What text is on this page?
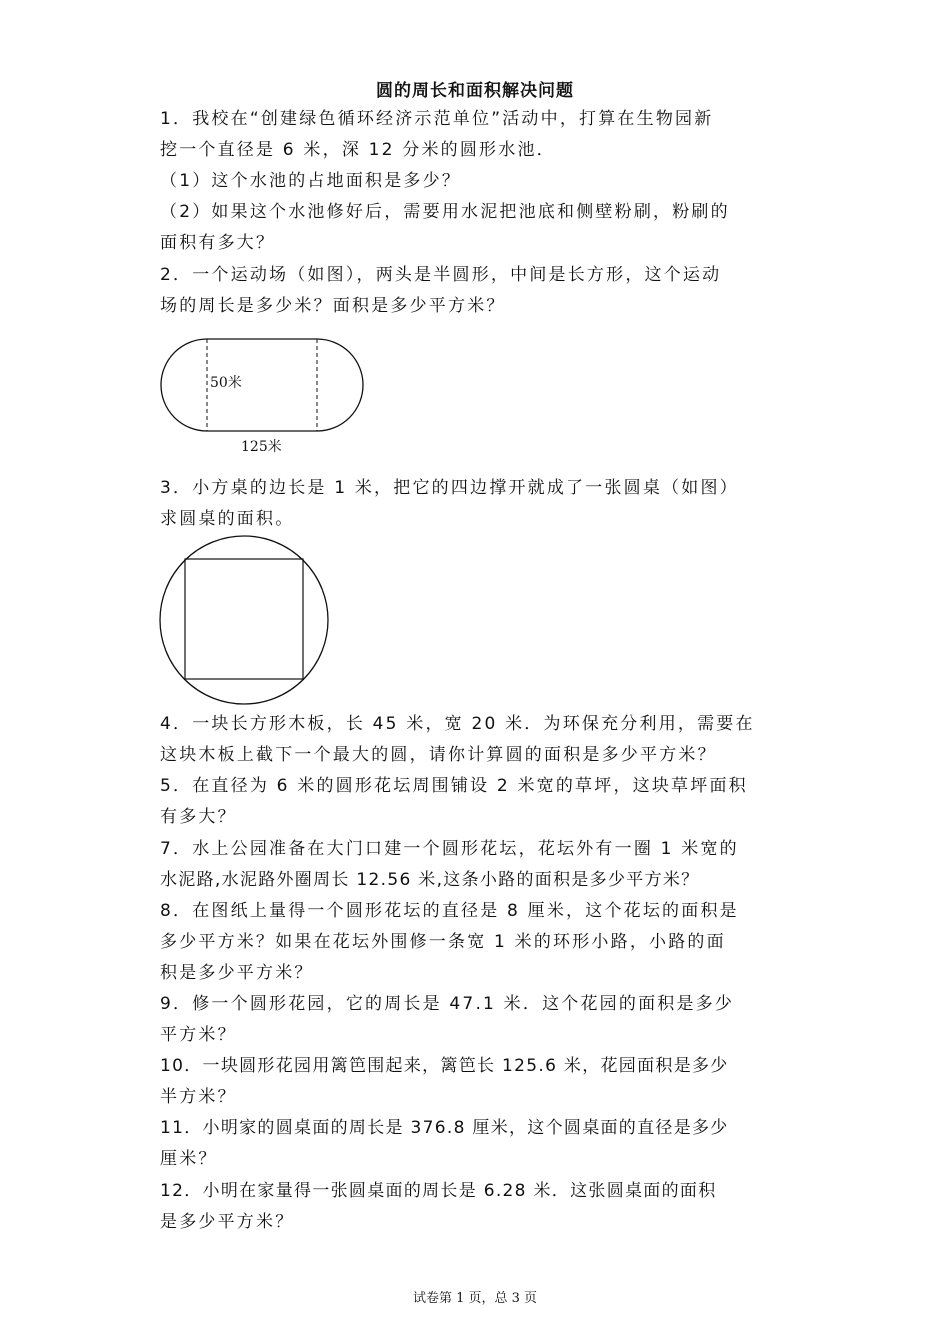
圆的周长和面积解决问题
1．我校在“创建绿色循环经济示范单位”活动中，打算在生物园新
挖一个直径是 6 米，深 12 分米的圆形水池．
（1）这个水池的占地面积是多少？
（2）如果这个水池修好后，需要用水泥把池底和侧壁粉刷，粉刷的
面积有多大？
2．一个运动场（如图），两头是半圆形，中间是长方形，这个运动
场的周长是多少米？面积是多少平方米？
50米
125米
3．小方桌的边长是 1 米，把它的四边撑开就成了一张圆桌（如图）
求圆桌的面积。
4．一块长方形木板，长 45 米，宽 20 米．为环保充分利用，需要在
这块木板上截下一个最大的圆，请你计算圆的面积是多少平方米？
5．在直径为 6 米的圆形花坛周围铺设 2 米宽的草坪，这块草坪面积
有多大？
7．水上公园准备在大门口建一个圆形花坛，花坛外有一圈 1 米宽的
水泥路,水泥路外圈周长 12.56 米,这条小路的面积是多少平方米？
8．在图纸上量得一个圆形花坛的直径是 8 厘米，这个花坛的面积是
多少平方米？如果在花坛外围修一条宽 1 米的环形小路，小路的面
积是多少平方米？
9．修一个圆形花园，它的周长是 47.1 米．这个花园的面积是多少
平方米？
10．一块圆形花园用篱笆围起来，篱笆长 125.6 米，花园面积是多少
半方米？
11．小明家的圆桌面的周长是 376.8 厘米，这个圆桌面的直径是多少
厘米？
12．小明在家量得一张圆桌面的周长是 6.28 米．这张圆桌面的面积
是多少平方米？
试卷第 1 页，总 3 页
